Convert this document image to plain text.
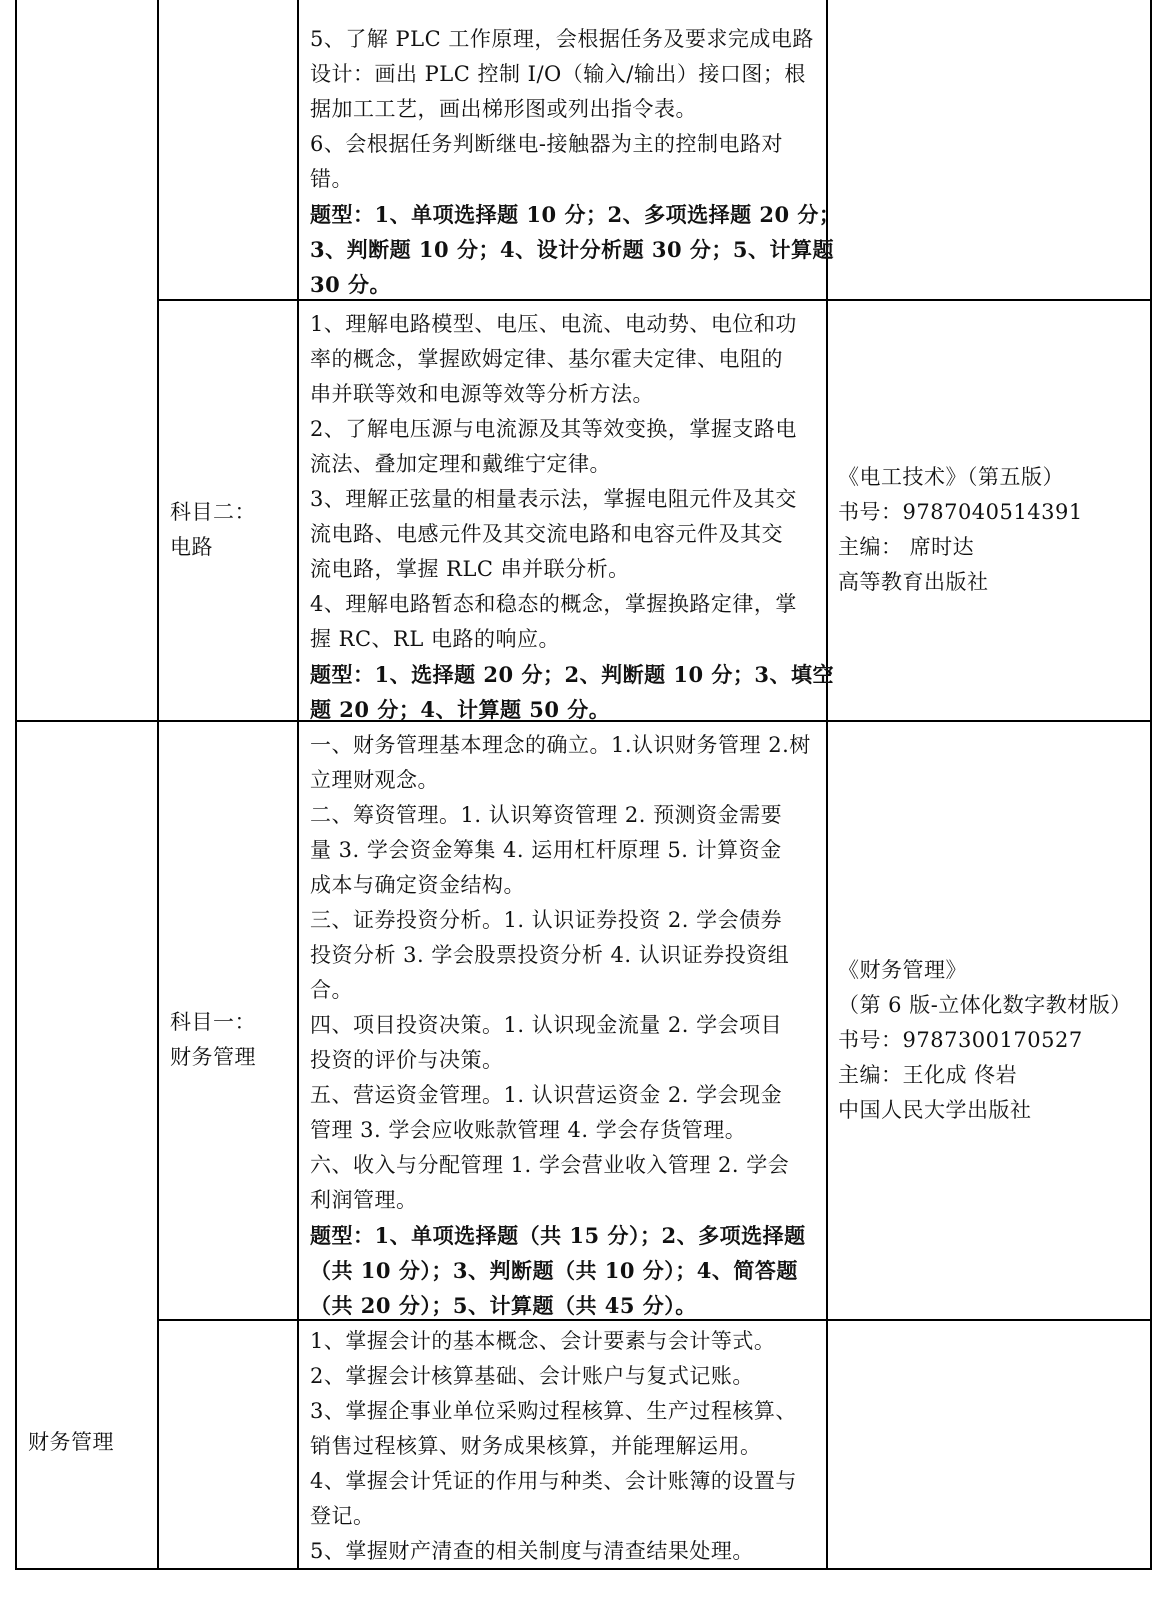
5、了解 PLC 工作原理，会根据任务及要求完成电路
设计：画出 PLC 控制 I/O（输入/输出）接口图；根
据加工工艺，画出梯形图或列出指令表。
6、会根据任务判断继电-接触器为主的控制电路对
错。
题型：1、单项选择题 10 分；2、多项选择题 20 分；
3、判断题 10 分；4、设计分析题 30 分；5、计算题
30 分。
科目二：
电路
1、理解电路模型、电压、电流、电动势、电位和功
率的概念，掌握欧姆定律、基尔霍夫定律、电阻的
串并联等效和电源等效等分析方法。
2、了解电压源与电流源及其等效变换，掌握支路电
流法、叠加定理和戴维宁定律。
3、理解正弦量的相量表示法，掌握电阻元件及其交
流电路、电感元件及其交流电路和电容元件及其交
流电路，掌握 RLC 串并联分析。
4、理解电路暂态和稳态的概念，掌握换路定律，掌
握 RC、RL 电路的响应。
题型：1、选择题 20 分；2、判断题 10 分；3、填空
题 20 分；4、计算题 50 分。
《电工技术》（第五版）
书号：9787040514391
主编： 席时达
高等教育出版社
科目一：
财务管理
一、财务管理基本理念的确立。1.认识财务管理 2.树
立理财观念。
二、筹资管理。1. 认识筹资管理 2. 预测资金需要
量 3. 学会资金筹集 4. 运用杠杆原理 5. 计算资金
成本与确定资金结构。
三、证券投资分析。1. 认识证券投资 2. 学会债券
投资分析 3. 学会股票投资分析 4. 认识证券投资组
合。
四、项目投资决策。1. 认识现金流量 2. 学会项目
投资的评价与决策。
五、营运资金管理。1. 认识营运资金 2. 学会现金
管理 3. 学会应收账款管理 4. 学会存货管理。
六、收入与分配管理 1. 学会营业收入管理 2. 学会
利润管理。
题型：1、单项选择题（共 15 分）；2、多项选择题
（共 10 分）；3、判断题（共 10 分）；4、简答题
（共 20 分）；5、计算题（共 45 分）。
《财务管理》
（第 6 版-立体化数字教材版）
书号：9787300170527
主编：王化成 佟岩
中国人民大学出版社
财务管理
1、掌握会计的基本概念、会计要素与会计等式。
2、掌握会计核算基础、会计账户与复式记账。
3、掌握企事业单位采购过程核算、生产过程核算、
销售过程核算、财务成果核算，并能理解运用。
4、掌握会计凭证的作用与种类、会计账簿的设置与
登记。
5、掌握财产清查的相关制度与清查结果处理。
